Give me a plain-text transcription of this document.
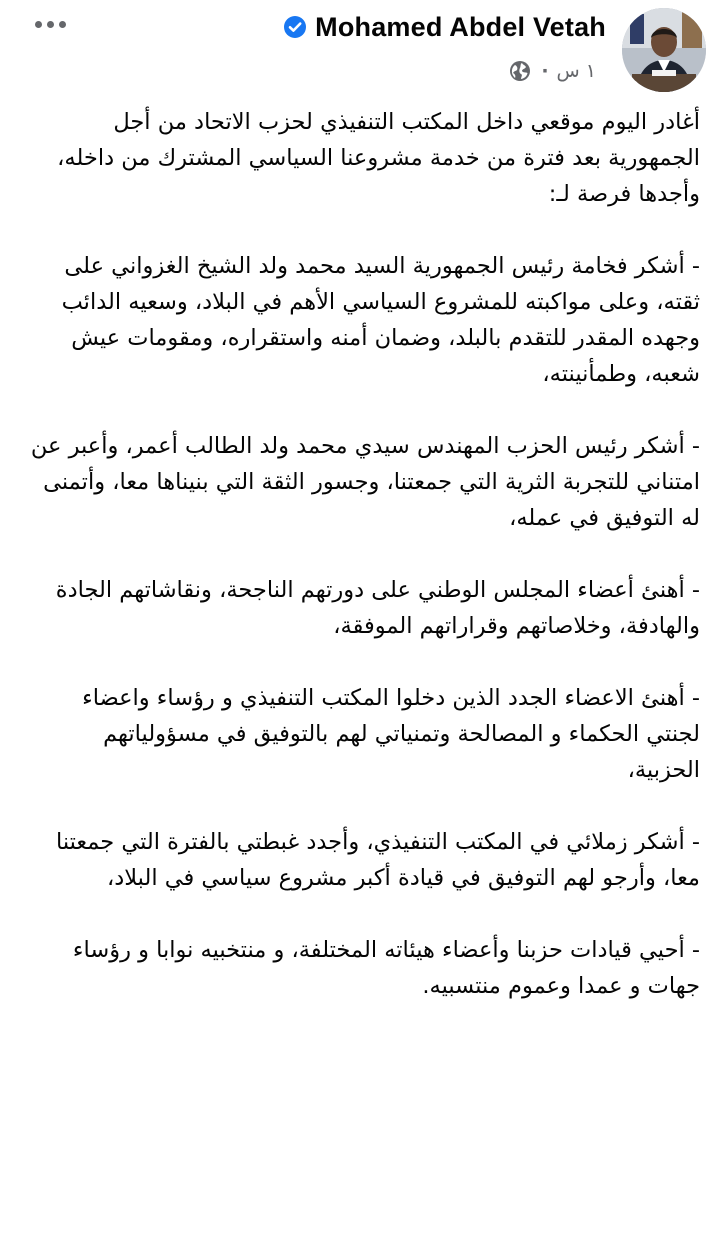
Mohamed Abdel Vetah
· ١ س

أغادر اليوم موقعي داخل المكتب التنفيذي لحزب الاتحاد من أجل الجمهورية بعد فترة من خدمة مشروعنا السياسي المشترك من داخله، وأجدها فرصة لـ:

- أشكر فخامة رئيس الجمهورية السيد محمد ولد الشيخ الغزواني على ثقته، وعلى مواكبته للمشروع السياسي الأهم في البلاد، وسعيه الدائب وجهده المقدر للتقدم بالبلد، وضمان أمنه واستقراره، ومقومات عيش شعبه، وطمأنينته،

- أشكر رئيس الحزب المهندس سيدي محمد ولد الطالب أعمر، وأعبر عن امتناني للتجربة الثرية التي جمعتنا، وجسور الثقة التي بنيناها معا، وأتمنى له التوفيق في عمله،

- أهنئ أعضاء المجلس الوطني على دورتهم الناجحة، ونقاشاتهم الجادة والهادفة، وخلاصاتهم وقراراتهم الموفقة،

- أهنئ الاعضاء الجدد الذين دخلوا المكتب التنفيذي و رؤساء واعضاء لجنتي الحكماء و المصالحة وتمنياتي لهم بالتوفيق في مسؤولياتهم الحزبية،

- أشكر زملائي في المكتب التنفيذي، وأجدد غبطتي بالفترة التي جمعتنا معا، وأرجو لهم التوفيق في قيادة أكبر مشروع سياسي في البلاد،

- أحيي قيادات حزبنا وأعضاء هيئاته المختلفة، و منتخبيه نوابا و رؤساء جهات و عمدا وعموم منتسبيه.
